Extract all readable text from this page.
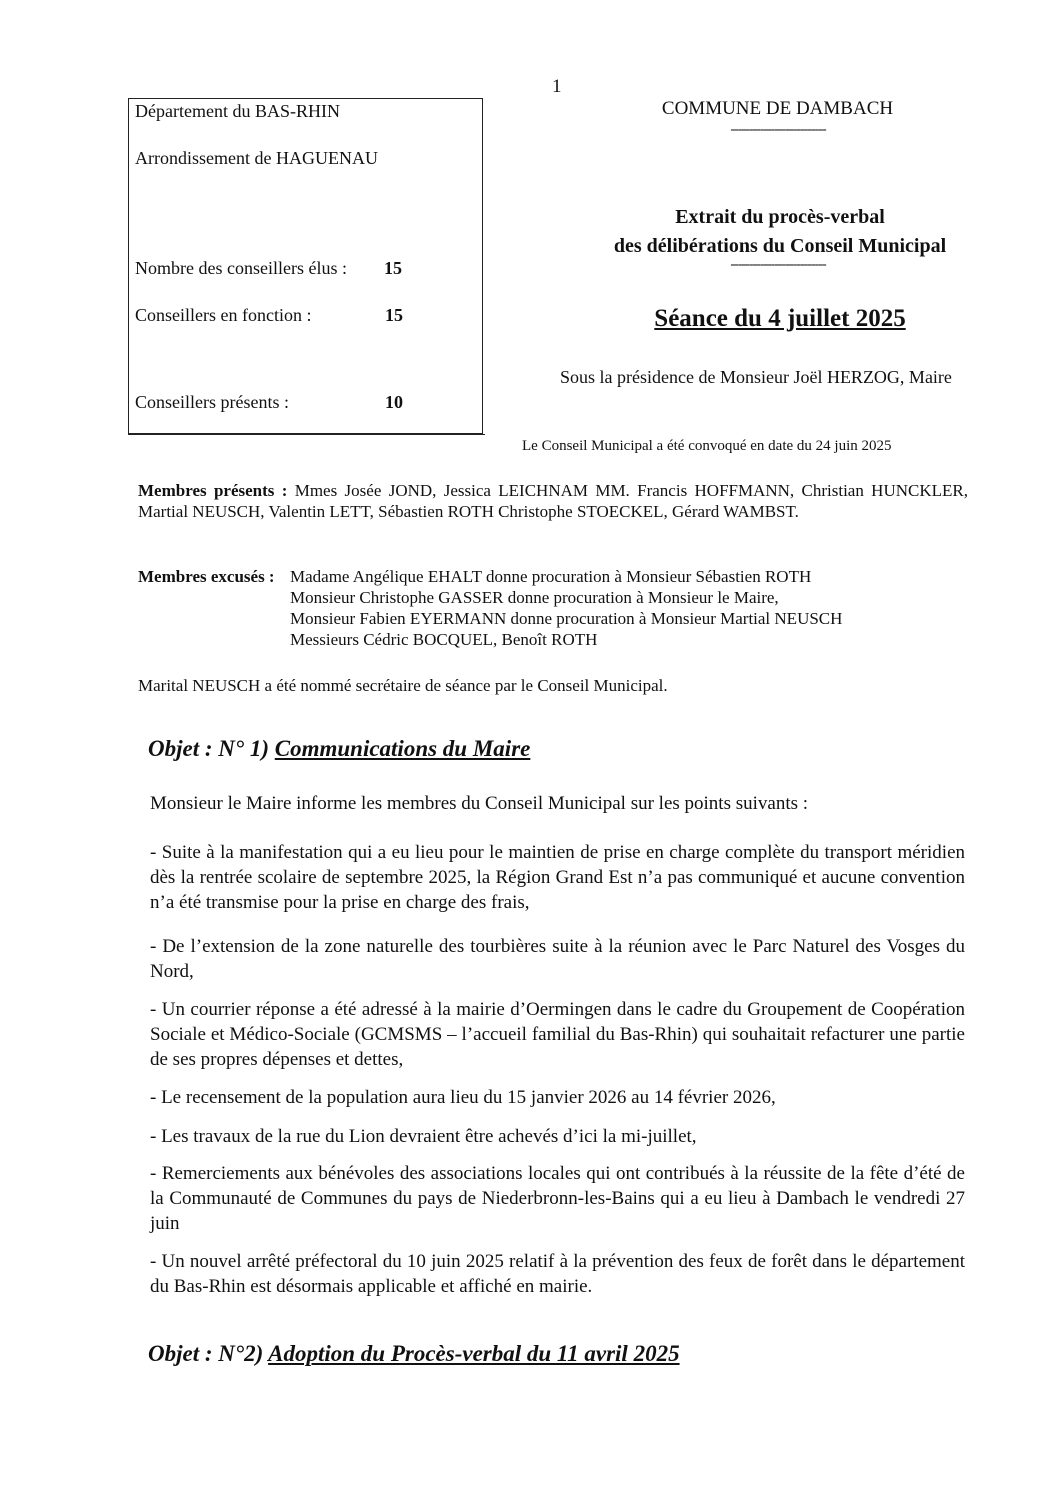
1
Département du BAS-RHIN
Arrondissement de HAGUENAU
Nombre des conseillers élus : 15
Conseillers en fonction :	15
Conseillers présents :	10
COMMUNE DE DAMBACH
--------------------------
Extrait du procès-verbal
des délibérations du Conseil Municipal
--------------------------
Séance du 4 juillet 2025
Sous la présidence de Monsieur Joël HERZOG, Maire
Le Conseil Municipal a été convoqué en date du 24 juin 2025
Membres présents : Mmes Josée JOND, Jessica LEICHNAM MM. Francis HOFFMANN, Christian HUNCKLER, Martial NEUSCH, Valentin LETT, Sébastien ROTH Christophe STOECKEL, Gérard WAMBST.
Membres excusés : Madame Angélique EHALT donne procuration à Monsieur Sébastien ROTH
Monsieur Christophe GASSER donne procuration à Monsieur le Maire,
Monsieur Fabien EYERMANN donne procuration à Monsieur Martial NEUSCH
Messieurs Cédric BOCQUEL, Benoît ROTH
Marital NEUSCH a été nommé secrétaire de séance par le Conseil Municipal.
Objet : N° 1) Communications du Maire
Monsieur le Maire informe les membres du Conseil Municipal sur les points suivants :
- Suite à la manifestation qui a eu lieu pour le maintien de prise en charge complète du transport méridien dès la rentrée scolaire de septembre 2025, la Région Grand Est n’a pas communiqué et aucune convention n’a été transmise pour la prise en charge des frais,
- De l’extension de la zone naturelle des tourbières suite à la réunion avec le Parc Naturel des Vosges du Nord,
- Un courrier réponse a été adressé à la mairie d’Oermingen dans le cadre du Groupement de Coopération Sociale et Médico-Sociale (GCMSMS – l’accueil familial du Bas-Rhin) qui souhaitait refacturer une partie de ses propres dépenses et dettes,
- Le recensement de la population aura lieu du 15 janvier 2026 au 14 février 2026,
- Les travaux de la rue du Lion devraient être achevés d’ici la mi-juillet,
- Remerciements aux bénévoles des associations locales qui ont contribués à la réussite de la fête d’été de la Communauté de Communes du pays de Niederbronn-les-Bains qui a eu lieu à Dambach le vendredi 27 juin
- Un nouvel arrêté préfectoral du 10 juin 2025 relatif à la prévention des feux de forêt dans le département du Bas-Rhin est désormais applicable et affiché en mairie.
Objet : N°2) Adoption du Procès-verbal du 11 avril 2025
